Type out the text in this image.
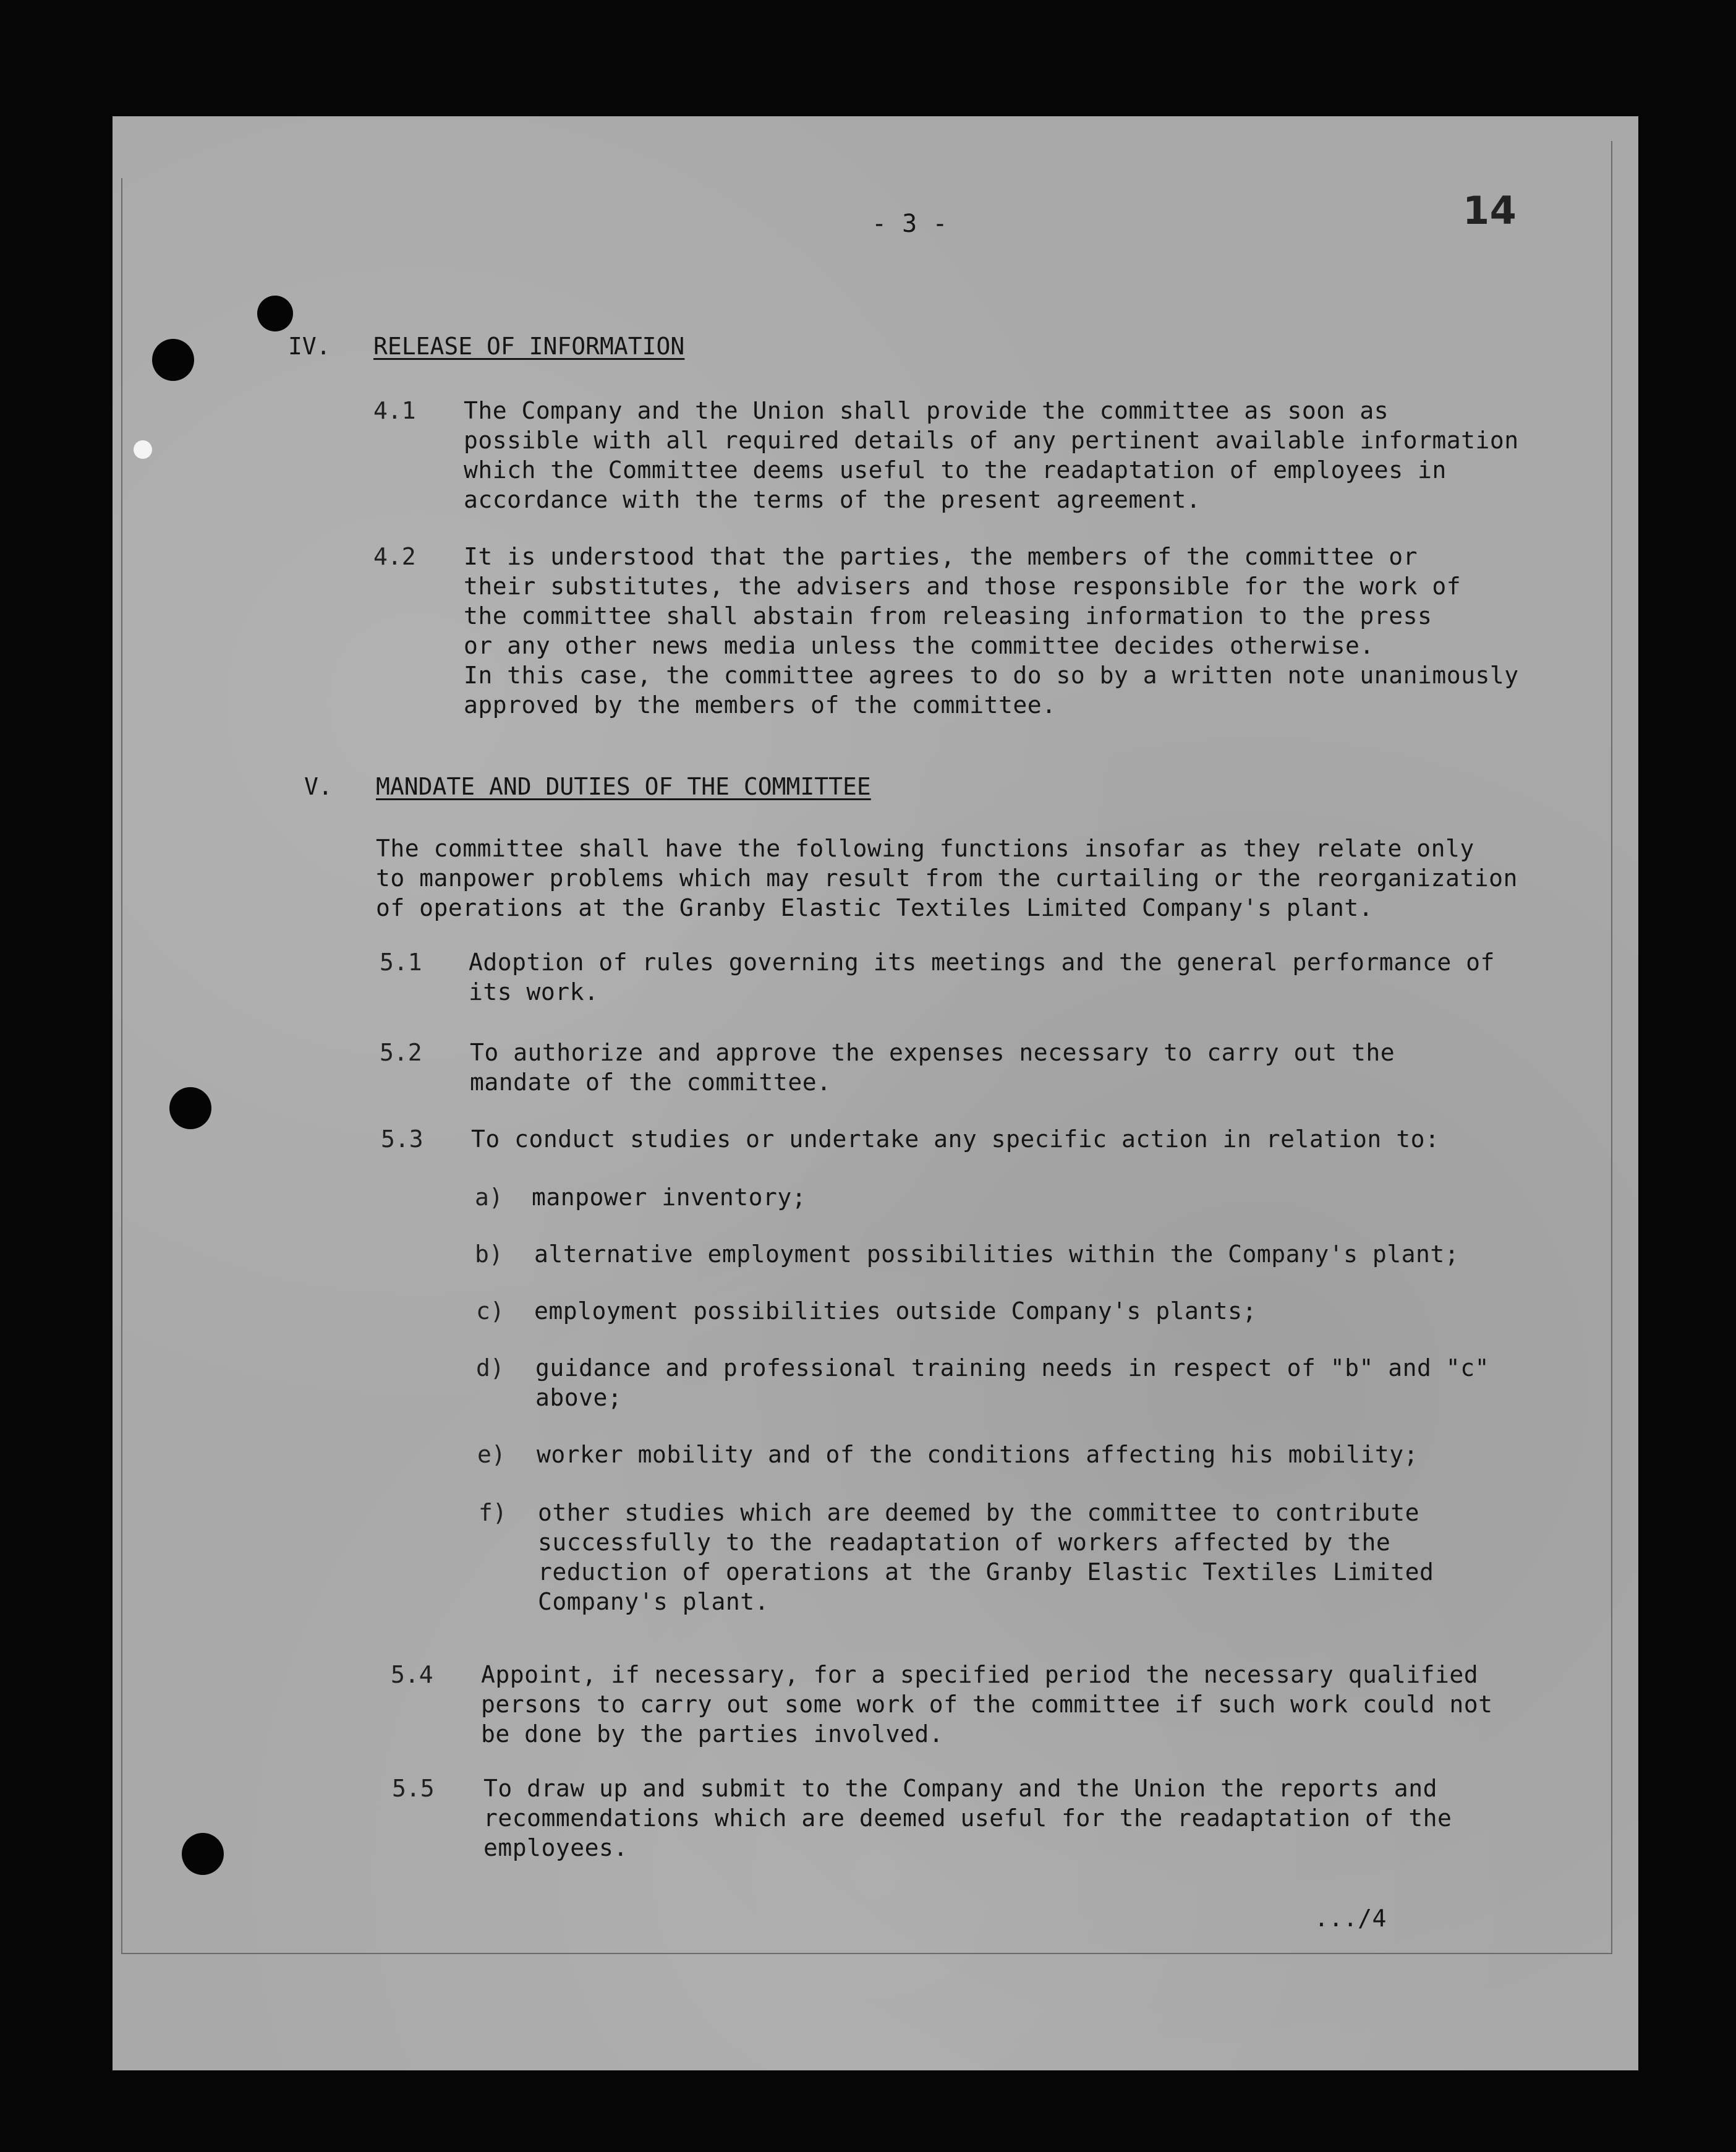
- 3 -	14
IV. RELEASE OF INFORMATION
4.1 The Company and the Union shall provide the committee as soon as

possible with all required details of any pertinent available information

which the Committee deems useful to the readaptation of employees in

accordance with the terms of the present agreement.

4.2 It is understood that the parties, the members of the committee or

their substitutes, the advisers and those responsible for the work of

the committee shall abstain from releasing information to the press

or any other news media unless the committee decides otherwise.

In this case, the committee agrees to do so by a written note unanimously

approved by the members of the committee.

V. MANDATE AND DUTIES OF THE COMMITTEE

The committee shall have the following functions insofar as they relate only

to manpower problems which may result from the curtailing or the reorganization

of operations at the Granby Elastic Textiles Limited Company's plant.

5.1 Adoption of rules governing its meetings and the general performance of

its work.

5.2 To authorize and approve the expenses necessary to carry out the

mandate of the committee.

5.3 To conduct studies or undertake any specific action in relation to:

a) manpower inventory;

b) alternative employment possibilities within the Company's plant;

c) employment possibilities outside Company's plants;

d) guidance and professional training needs in respect of "b" and "c"

above;

e) worker mobility and of the conditions affecting his mobility;

f) other studies which are deemed by the committee to contribute

successfully to the readaptation of workers affected by the

reduction of operations at the Granby Elastic Textiles Limited

Company's plant.

5.4 Appoint, if necessary, for a specified period the necessary qualified

persons to carry out some work of the committee if such work could not

be done by the parties involved.

5.5 To draw up and submit to the Company and the Union the reports and

recommendations which are deemed useful for the readaptation of the

employees.

.../4
